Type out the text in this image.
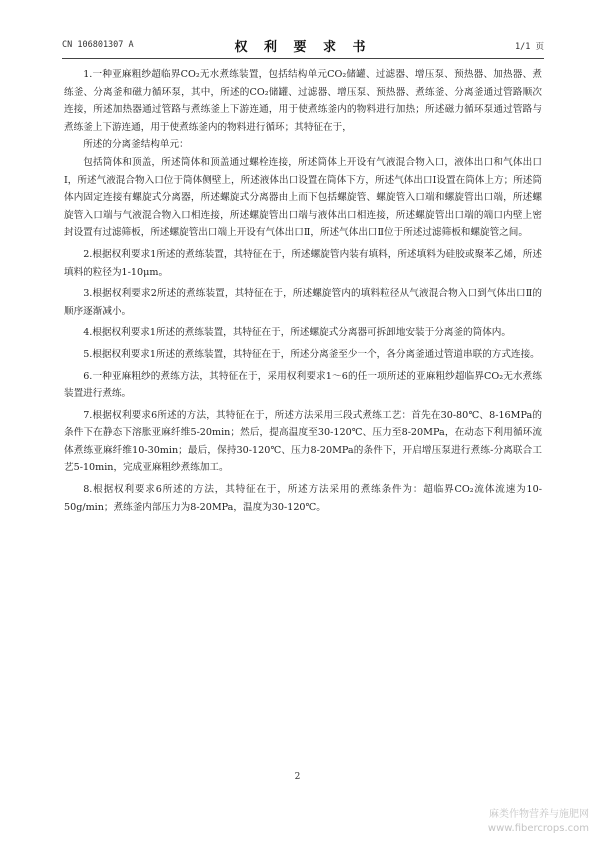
CN 106801307 A	权 利 要 求 书	1/1 页

1.一种亚麻粗纱超临界CO₂无水煮练装置，包括结构单元CO₂储罐、过滤器、增压泵、预热器、加热器、煮练釜、分离釜和磁力循环泵，其中，所述的CO₂储罐、过滤器、增压泵、预热器、煮练釜、分离釜通过管路顺次连接，所述加热器通过管路与煮练釜上下游连通，用于使煮练釜内的物料进行加热；所述磁力循环泵通过管路与煮练釜上下游连通，用于使煮练釜内的物料进行循环；其特征在于，

所述的分离釜结构单元：

包括筒体和顶盖，所述筒体和顶盖通过螺栓连接，所述筒体上开设有气液混合物入口，液体出口和气体出口Ⅰ，所述气液混合物入口位于筒体侧壁上，所述液体出口设置在筒体下方，所述气体出口Ⅰ设置在筒体上方；所述筒体内固定连接有螺旋式分离器，所述螺旋式分离器由上而下包括螺旋管、螺旋管入口端和螺旋管出口端，所述螺旋管入口端与气液混合物入口相连接，所述螺旋管出口端与液体出口相连接，所述螺旋管出口端的端口内壁上密封设置有过滤筛板，所述螺旋管出口端上开设有气体出口Ⅱ，所述气体出口Ⅱ位于所述过滤筛板和螺旋管之间。

2.根据权利要求1所述的煮练装置，其特征在于，所述螺旋管内装有填料，所述填料为硅胶或聚苯乙烯，所述填料的粒径为1-10μm。

3.根据权利要求2所述的煮练装置，其特征在于，所述螺旋管内的填料粒径从气液混合物入口到气体出口Ⅱ的顺序逐渐减小。

4.根据权利要求1所述的煮练装置，其特征在于，所述螺旋式分离器可拆卸地安装于分离釜的筒体内。

5.根据权利要求1所述的煮练装置，其特征在于，所述分离釜至少一个，各分离釜通过管道串联的方式连接。

6.一种亚麻粗纱的煮练方法，其特征在于，采用权利要求1～6的任一项所述的亚麻粗纱超临界CO₂无水煮练装置进行煮练。

7.根据权利要求6所述的方法，其特征在于，所述方法采用三段式煮练工艺：首先在30-80℃、8-16MPa的条件下在静态下溶胀亚麻纤维5-20min；然后，提高温度至30-120℃、压力至8-20MPa，在动态下利用循环流体煮练亚麻纤维10-30min；最后，保持30-120℃、压力8-20MPa的条件下，开启增压泵进行煮练-分离联合工艺5-10min，完成亚麻粗纱煮练加工。

8.根据权利要求6所述的方法，其特征在于，所述方法采用的煮练条件为：超临界CO₂流体流速为10-50g/min；煮练釜内部压力为8-20MPa，温度为30-120℃。

2
麻类作物营养与施肥网
www.fibercrops.com
